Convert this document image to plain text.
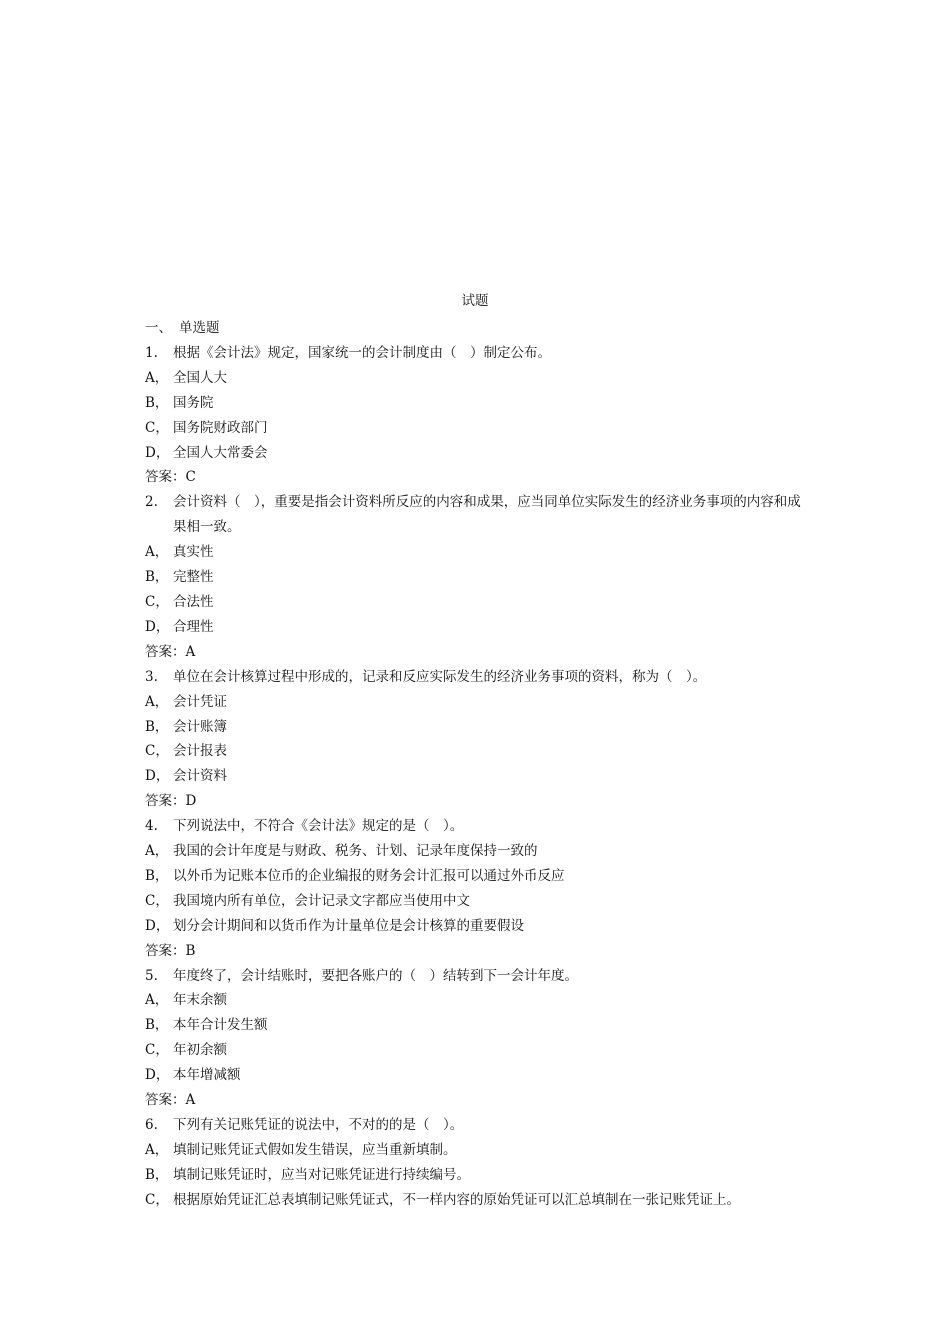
试题
一、 单选题
1.	根据《会计法》规定，国家统一的会计制度由（　）制定公布。
A， 全国人大
B， 国务院
C， 国务院财政部门
D， 全国人大常委会
答案： C
2.	会计资料（　），重要是指会计资料所反应的内容和成果，应当同单位实际发生的经济业务事项的内容和成果相一致。
A， 真实性
B， 完整性
C， 合法性
D， 合理性
答案： A
3.	单位在会计核算过程中形成的，记录和反应实际发生的经济业务事项的资料，称为（　）。
A， 会计凭证
B， 会计账簿
C， 会计报表
D， 会计资料
答案： D
4.	下列说法中，不符合《会计法》规定的是（　）。
A， 我国的会计年度是与财政、税务、计划、记录年度保持一致的
B， 以外币为记账本位币的企业编报的财务会计汇报可以通过外币反应
C， 我国境内所有单位，会计记录文字都应当使用中文
D， 划分会计期间和以货币作为计量单位是会计核算的重要假设
答案： B
5.	年度终了，会计结账时，要把各账户的（　）结转到下一会计年度。
A， 年末余额
B， 本年合计发生额
C， 年初余额
D， 本年增减额
答案： A
6.	下列有关记账凭证的说法中，不对的的是（　）。
A， 填制记账凭证式假如发生错误，应当重新填制。
B， 填制记账凭证时，应当对记账凭证进行持续编号。
C， 根据原始凭证汇总表填制记账凭证式，不一样内容的原始凭证可以汇总填制在一张记账凭证上。
